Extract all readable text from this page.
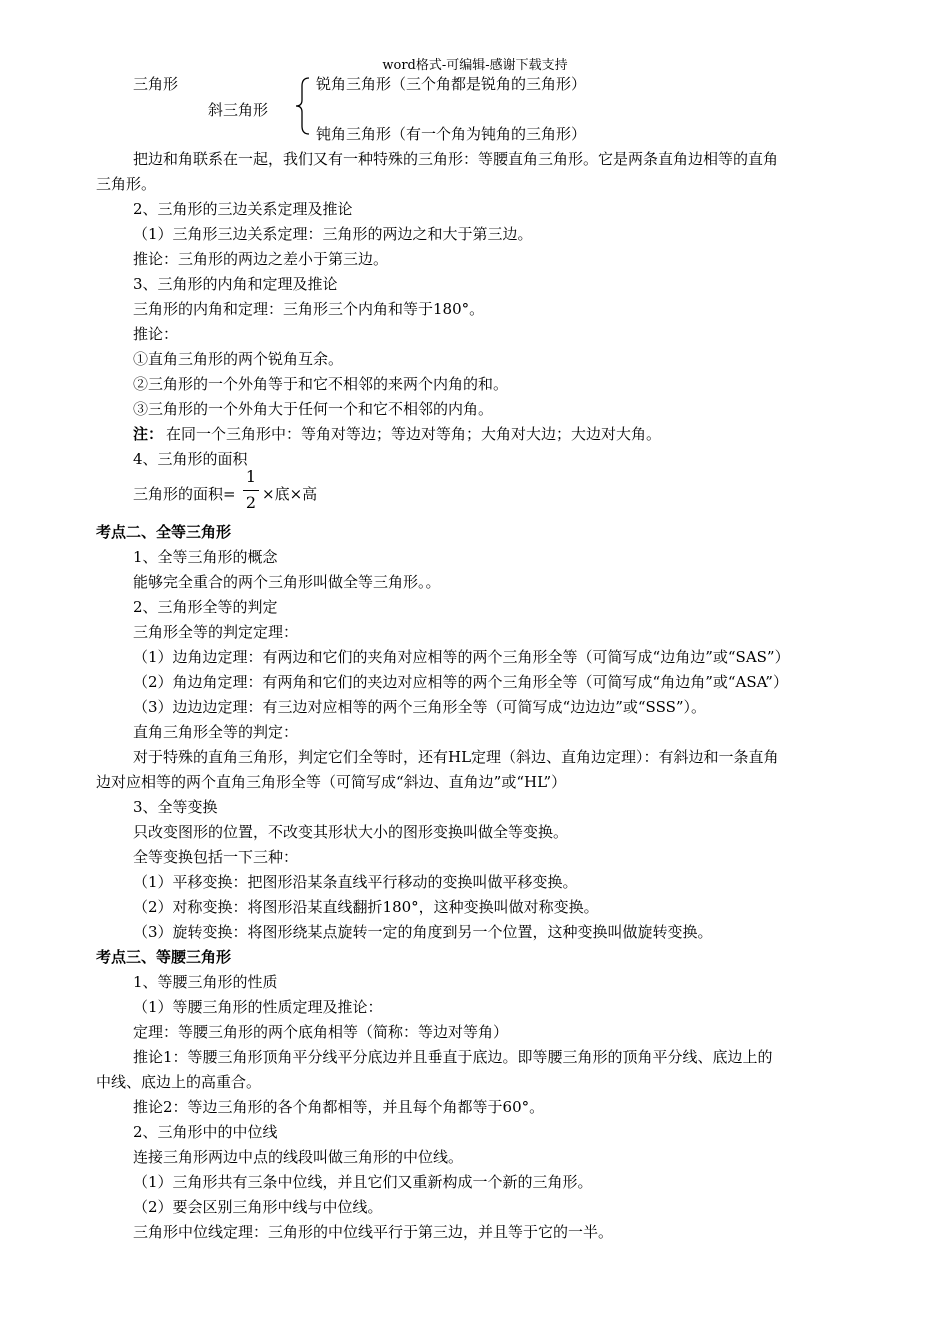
word格式-可编辑-感谢下载支持
三角形
斜三角形
锐角三角形（三个角都是锐角的三角形）
钝角三角形（有一个角为钝角的三角形）
把边和角联系在一起，我们又有一种特殊的三角形：等腰直角三角形。它是两条直角边相等的直角
三角形。
2、三角形的三边关系定理及推论
（1）三角形三边关系定理：三角形的两边之和大于第三边。
推论：三角形的两边之差小于第三边。
3、三角形的内角和定理及推论
三角形的内角和定理：三角形三个内角和等于180°。
推论：
①直角三角形的两个锐角互余。
②三角形的一个外角等于和它不相邻的来两个内角的和。
③三角形的一个外角大于任何一个和它不相邻的内角。
注： 在同一个三角形中：等角对等边；等边对等角；大角对大边；大边对大角。
4、三角形的面积
三角形的面积=
1
2 ×底×高
考点二、全等三角形
1、全等三角形的概念
能够完全重合的两个三角形叫做全等三角形。。
2、三角形全等的判定
三角形全等的判定定理：
（1）边角边定理：有两边和它们的夹角对应相等的两个三角形全等（可简写成“边角边”或“SAS”）
（2）角边角定理：有两角和它们的夹边对应相等的两个三角形全等（可简写成“角边角”或“ASA”）
（3）边边边定理：有三边对应相等的两个三角形全等（可简写成“边边边”或“SSS”）。
直角三角形全等的判定：
对于特殊的直角三角形，判定它们全等时，还有HL定理（斜边、直角边定理）：有斜边和一条直角
边对应相等的两个直角三角形全等（可简写成“斜边、直角边”或“HL”）
3、全等变换
只改变图形的位置，不改变其形状大小的图形变换叫做全等变换。
全等变换包括一下三种：
（1）平移变换：把图形沿某条直线平行移动的变换叫做平移变换。
（2）对称变换：将图形沿某直线翻折180°，这种变换叫做对称变换。
（3）旋转变换：将图形绕某点旋转一定的角度到另一个位置，这种变换叫做旋转变换。
考点三、等腰三角形
1、等腰三角形的性质
（1）等腰三角形的性质定理及推论：
定理：等腰三角形的两个底角相等（简称：等边对等角）
推论1：等腰三角形顶角平分线平分底边并且垂直于底边。即等腰三角形的顶角平分线、底边上的
中线、底边上的高重合。
推论2：等边三角形的各个角都相等，并且每个角都等于60°。
2、三角形中的中位线
连接三角形两边中点的线段叫做三角形的中位线。
（1）三角形共有三条中位线，并且它们又重新构成一个新的三角形。
（2）要会区别三角形中线与中位线。
三角形中位线定理：三角形的中位线平行于第三边，并且等于它的一半。
